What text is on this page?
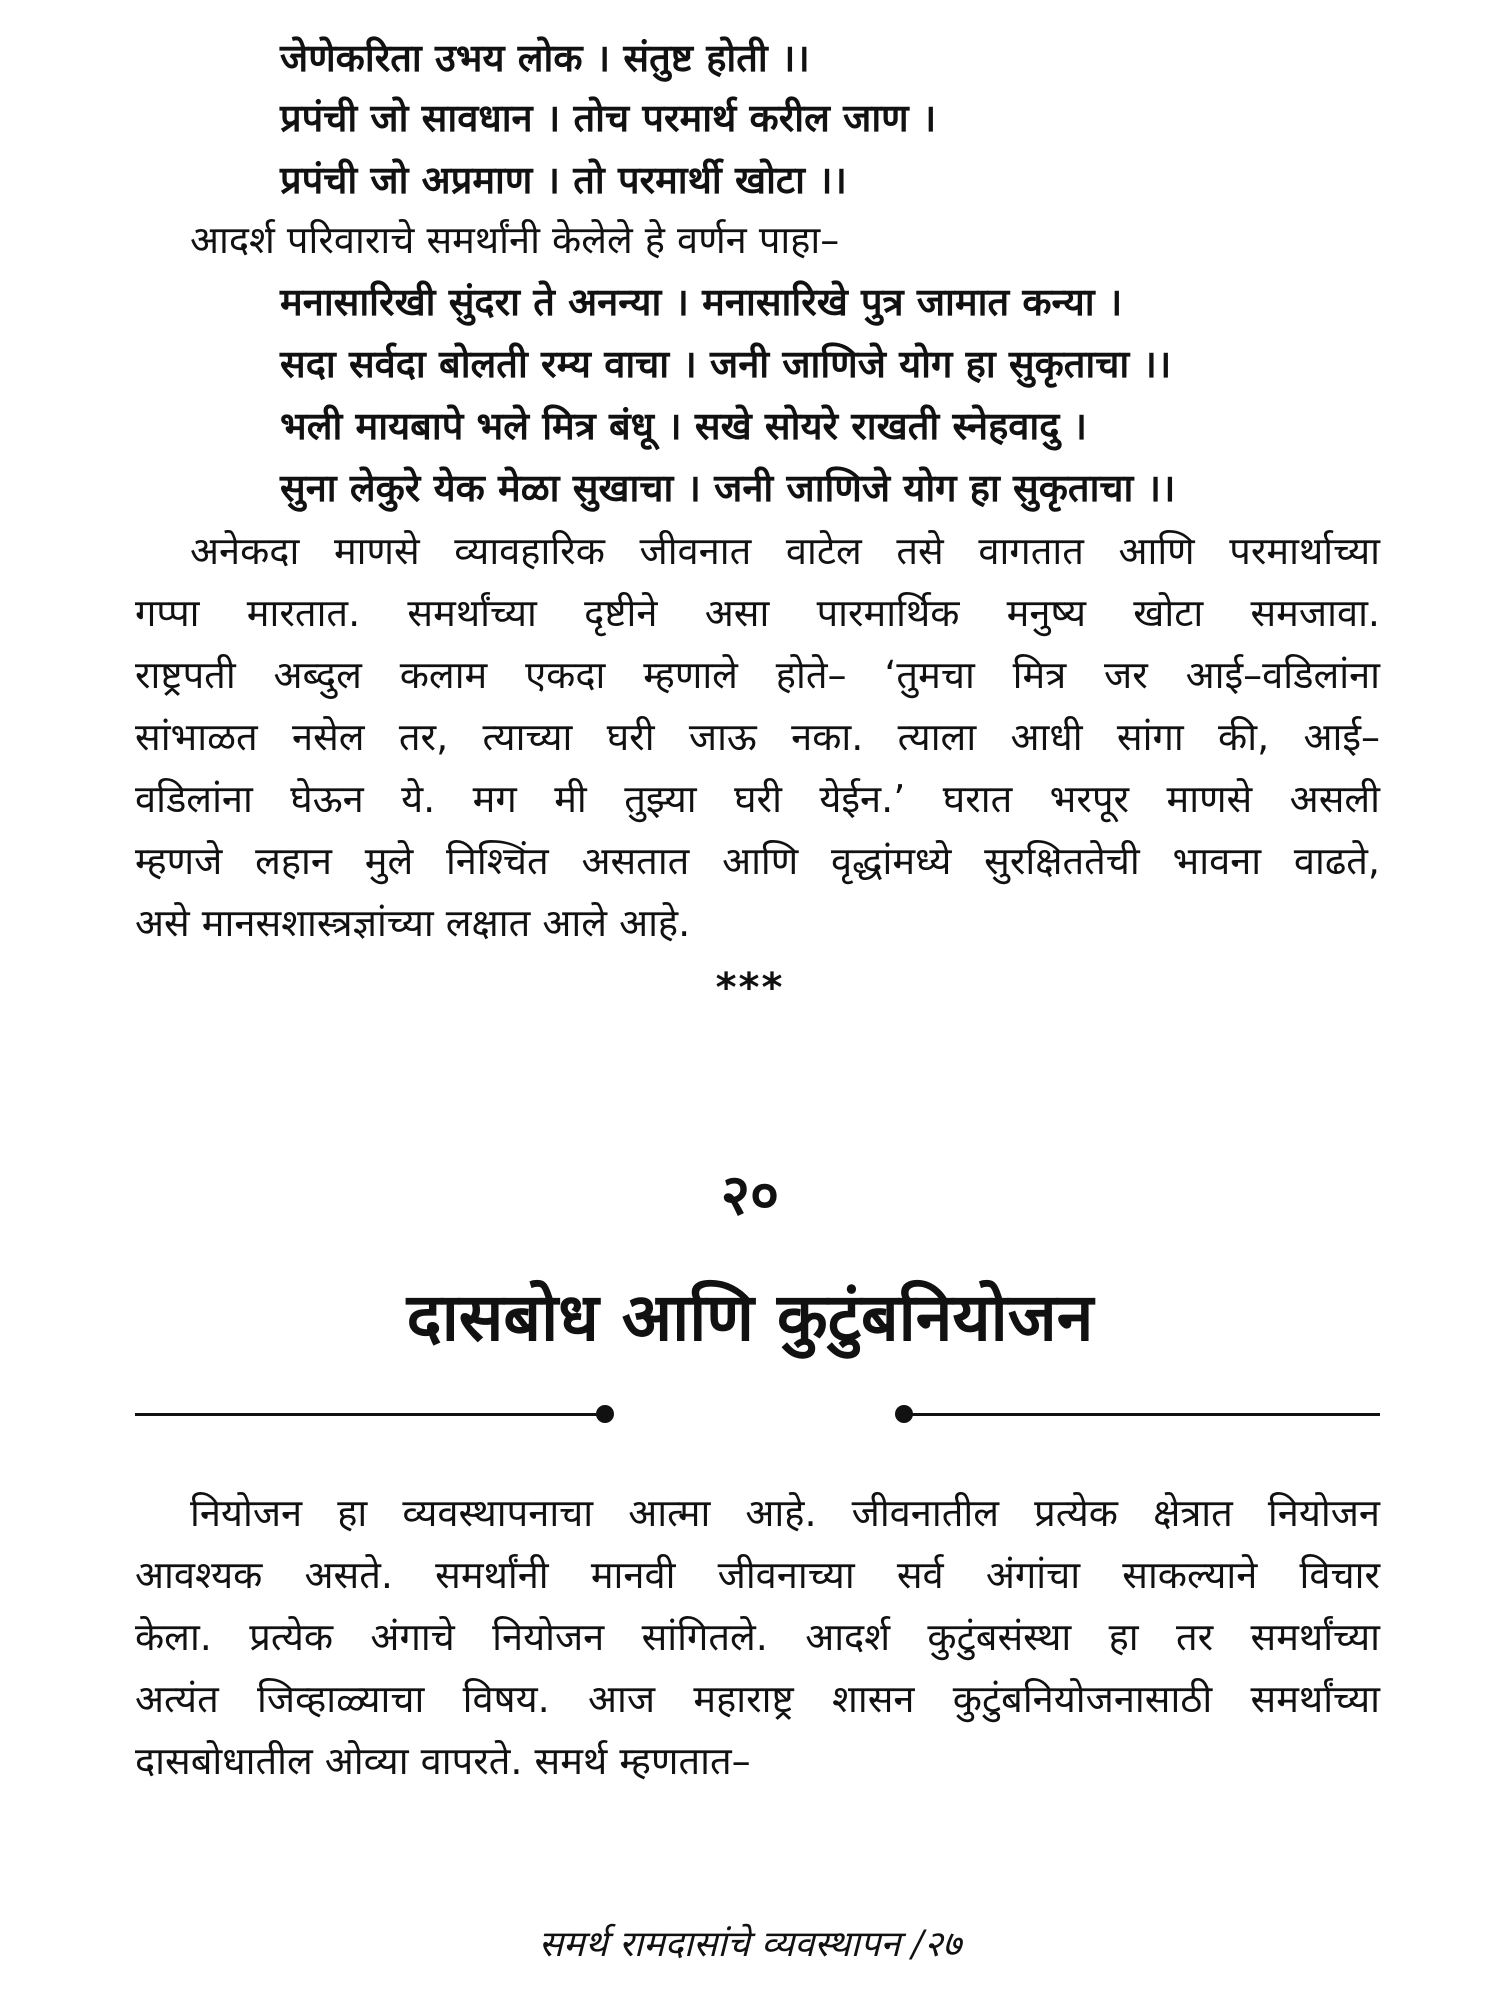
जेणेकरिता उभय लोक । संतुष्ट होती ।।
प्रपंची जो सावधान । तोच परमार्थ करील जाण ।
प्रपंची जो अप्रमाण । तो परमार्थी खोटा ।।
आदर्श परिवाराचे समर्थांनी केलेले हे वर्णन पाहा–
मनासारिखी सुंदरा ते अनन्या । मनासारिखे पुत्र जामात कन्या ।
सदा सर्वदा बोलती रम्य वाचा । जनी जाणिजे योग हा सुकृताचा ।।
भली मायबापे भले मित्र बंधू । सखे सोयरे राखती स्नेहवादु ।
सुना लेकुरे येक मेळा सुखाचा । जनी जाणिजे योग हा सुकृताचा ।।
अनेकदा माणसे व्यावहारिक जीवनात वाटेल तसे वागतात आणि परमार्थाच्या
गप्पा मारतात. समर्थांच्या दृष्टीने असा पारमार्थिक मनुष्य खोटा समजावा.
राष्ट्रपती अब्दुल कलाम एकदा म्हणाले होते– ‘तुमचा मित्र जर आई–वडिलांना
सांभाळत नसेल तर, त्याच्या घरी जाऊ नका. त्याला आधी सांगा की, आई–
वडिलांना घेऊन ये. मग मी तुझ्या घरी येईन.’ घरात भरपूर माणसे असली
म्हणजे लहान मुले निश्चिंत असतात आणि वृद्धांमध्ये सुरक्षिततेची भावना वाढते,
असे मानसशास्त्रज्ञांच्या लक्षात आले आहे.
***
२०
दासबोध आणि कुटुंबनियोजन
नियोजन हा व्यवस्थापनाचा आत्मा आहे. जीवनातील प्रत्येक क्षेत्रात नियोजन
आवश्यक असते. समर्थांनी मानवी जीवनाच्या सर्व अंगांचा साकल्याने विचार
केला. प्रत्येक अंगाचे नियोजन सांगितले. आदर्श कुटुंबसंस्था हा तर समर्थांच्या
अत्यंत जिव्हाळ्याचा विषय. आज महाराष्ट्र शासन कुटुंबनियोजनासाठी समर्थांच्या
दासबोधातील ओव्या वापरते. समर्थ म्हणतात–
समर्थ रामदासांचे व्यवस्थापन /२७
